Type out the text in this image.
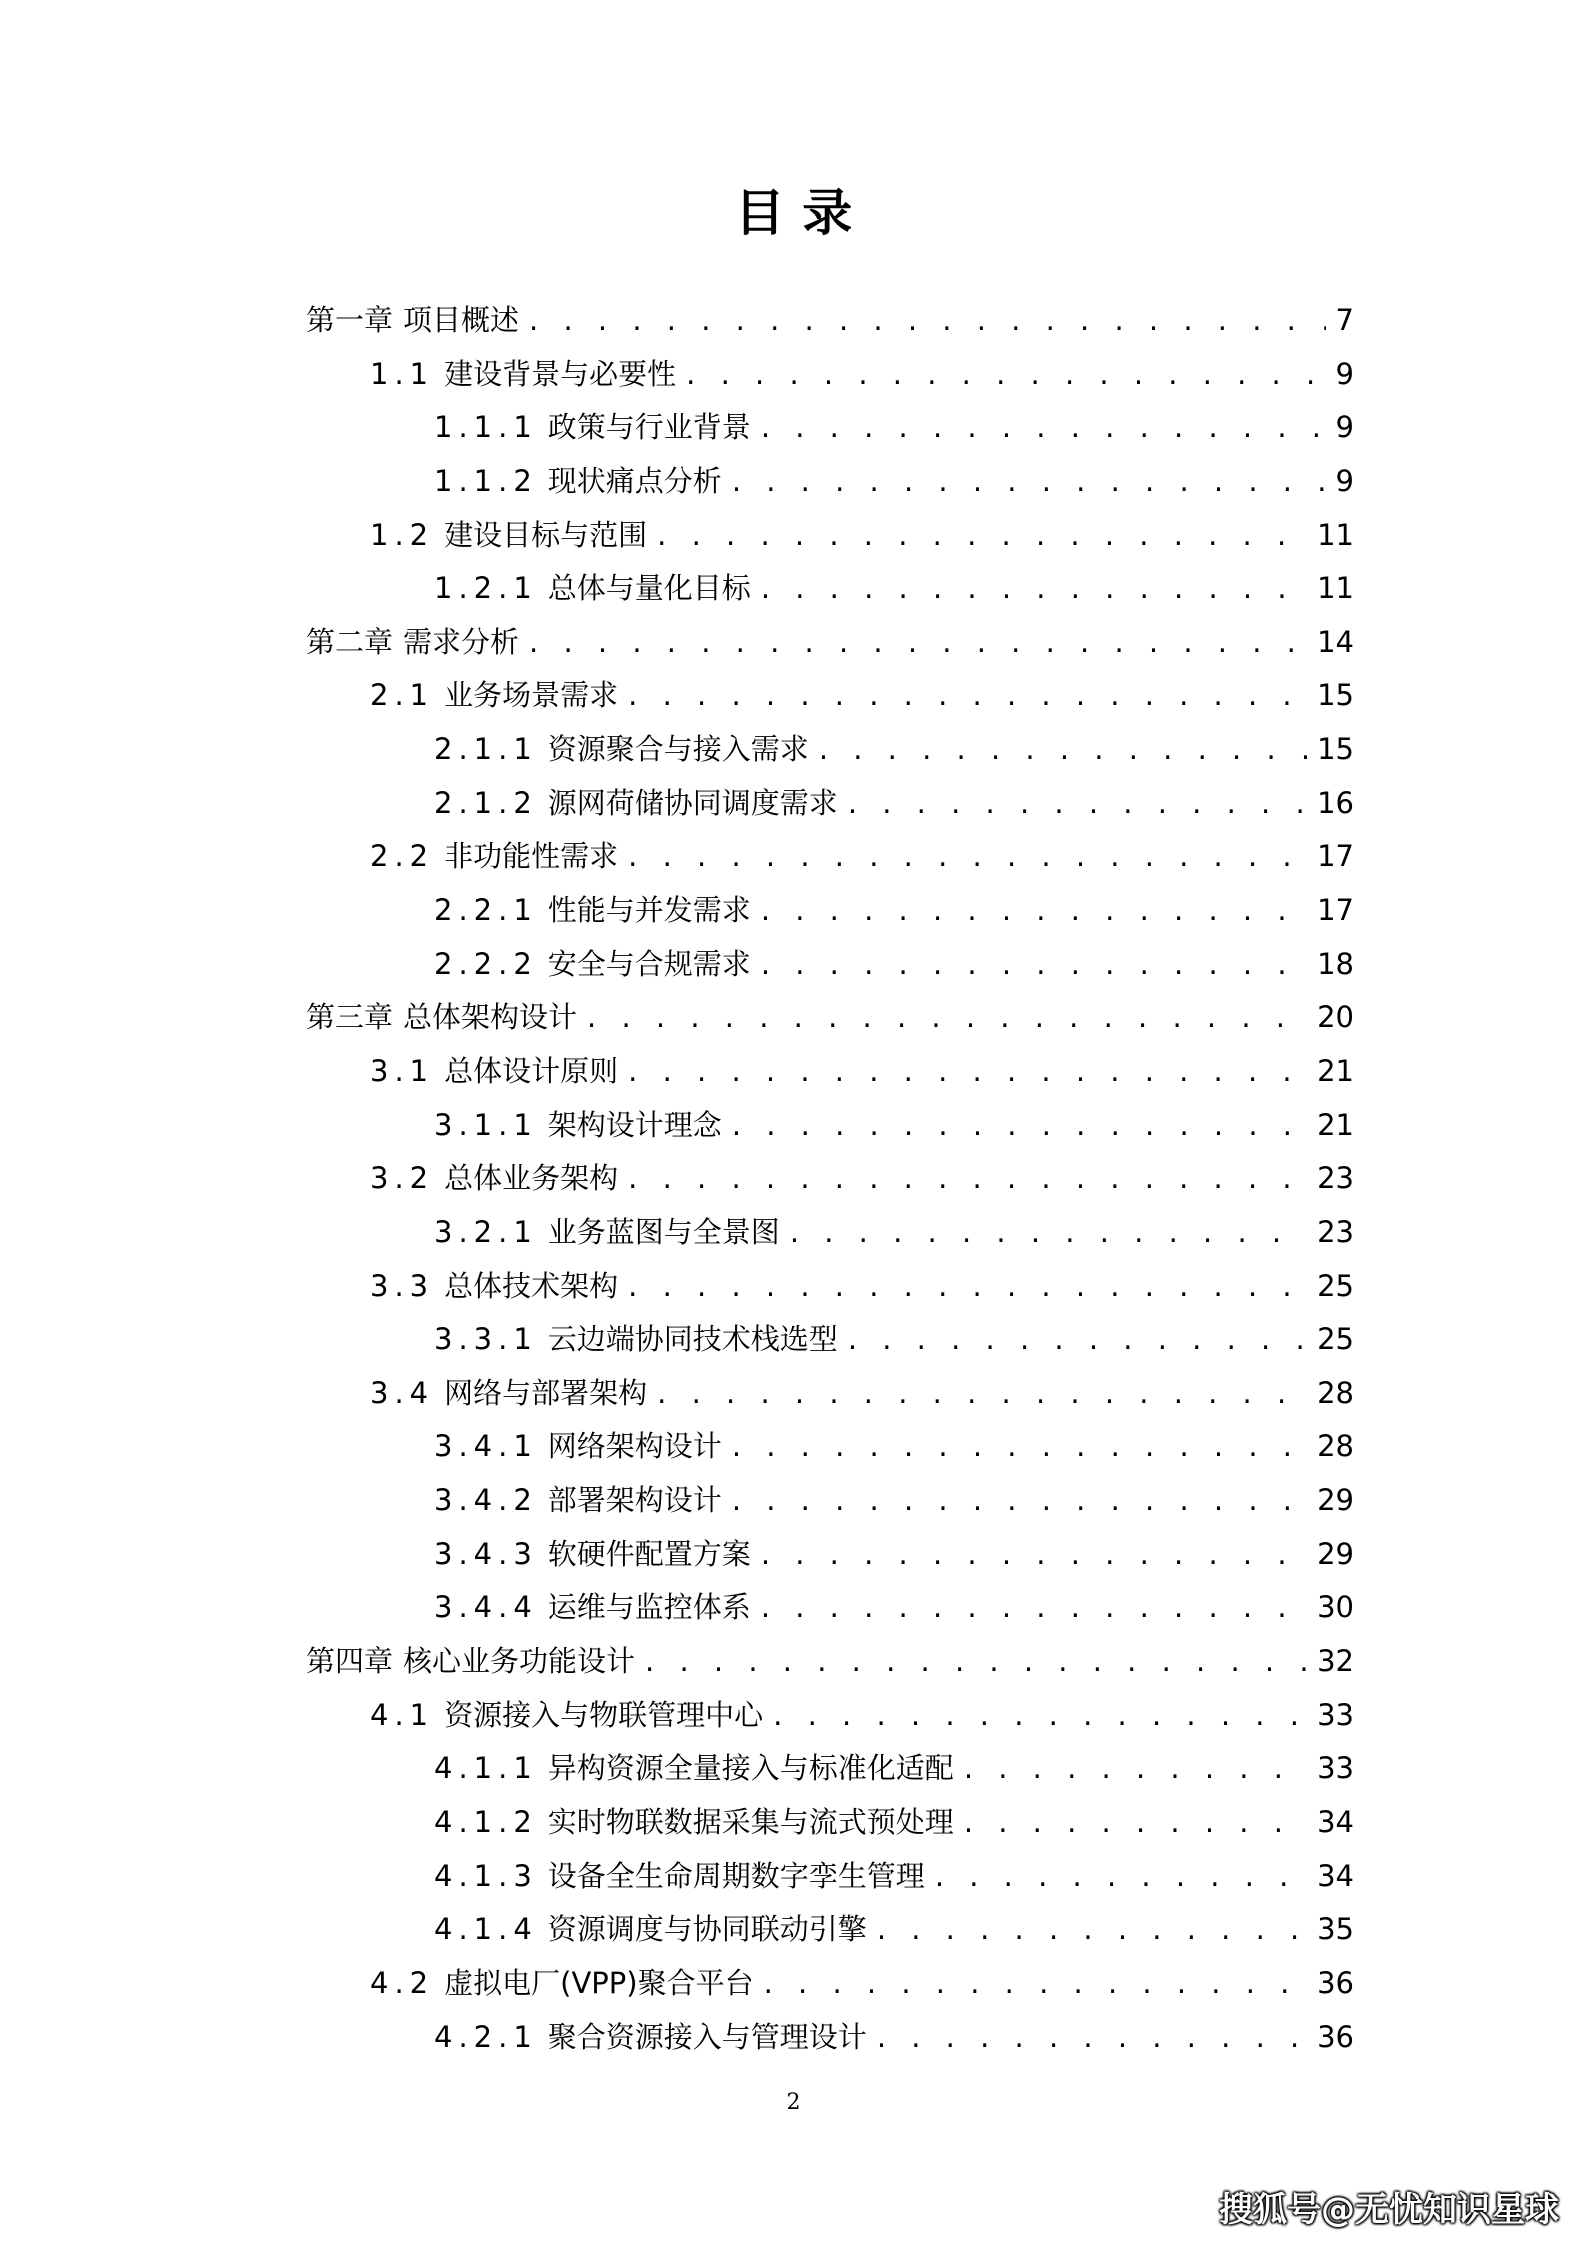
目 录
第一章 项目概述 . . .	7
1.1 建设背景与必要性 . . .	9
1.1.1 政策与行业背景 . . .	9
1.1.2 现状痛点分析 . . .	9
1.2 建设目标与范围 . . .	11
1.2.1 总体与量化目标 . . .	11
第二章 需求分析 . . .	14
2.1 业务场景需求 . . .	15
2.1.1 资源聚合与接入需求 . . .	15
2.1.2 源网荷储协同调度需求 . . .	16
2.2 非功能性需求 . . .	17
2.2.1 性能与并发需求 . . .	17
2.2.2 安全与合规需求 . . .	18
第三章 总体架构设计 . . .	20
3.1 总体设计原则 . . .	21
3.1.1 架构设计理念 . . .	21
3.2 总体业务架构 . . .	23
3.2.1 业务蓝图与全景图 . . .	23
3.3 总体技术架构 . . .	25
3.3.1 云边端协同技术栈选型 . . .	25
3.4 网络与部署架构 . . .	28
3.4.1 网络架构设计 . . .	28
3.4.2 部署架构设计 . . .	29
3.4.3 软硬件配置方案 . . .	29
3.4.4 运维与监控体系 . . .	30
第四章 核心业务功能设计 . . .	32
4.1 资源接入与物联管理中心 . . .	33
4.1.1 异构资源全量接入与标准化适配 . . .	33
4.1.2 实时物联数据采集与流式预处理 . . .	34
4.1.3 设备全生命周期数字孪生管理 . . .	34
4.1.4 资源调度与协同联动引擎 . . .	35
4.2 虚拟电厂(VPP)聚合平台 . . .	36
4.2.1 聚合资源接入与管理设计 . . .	36
2
搜狐号@无忧知识星球
